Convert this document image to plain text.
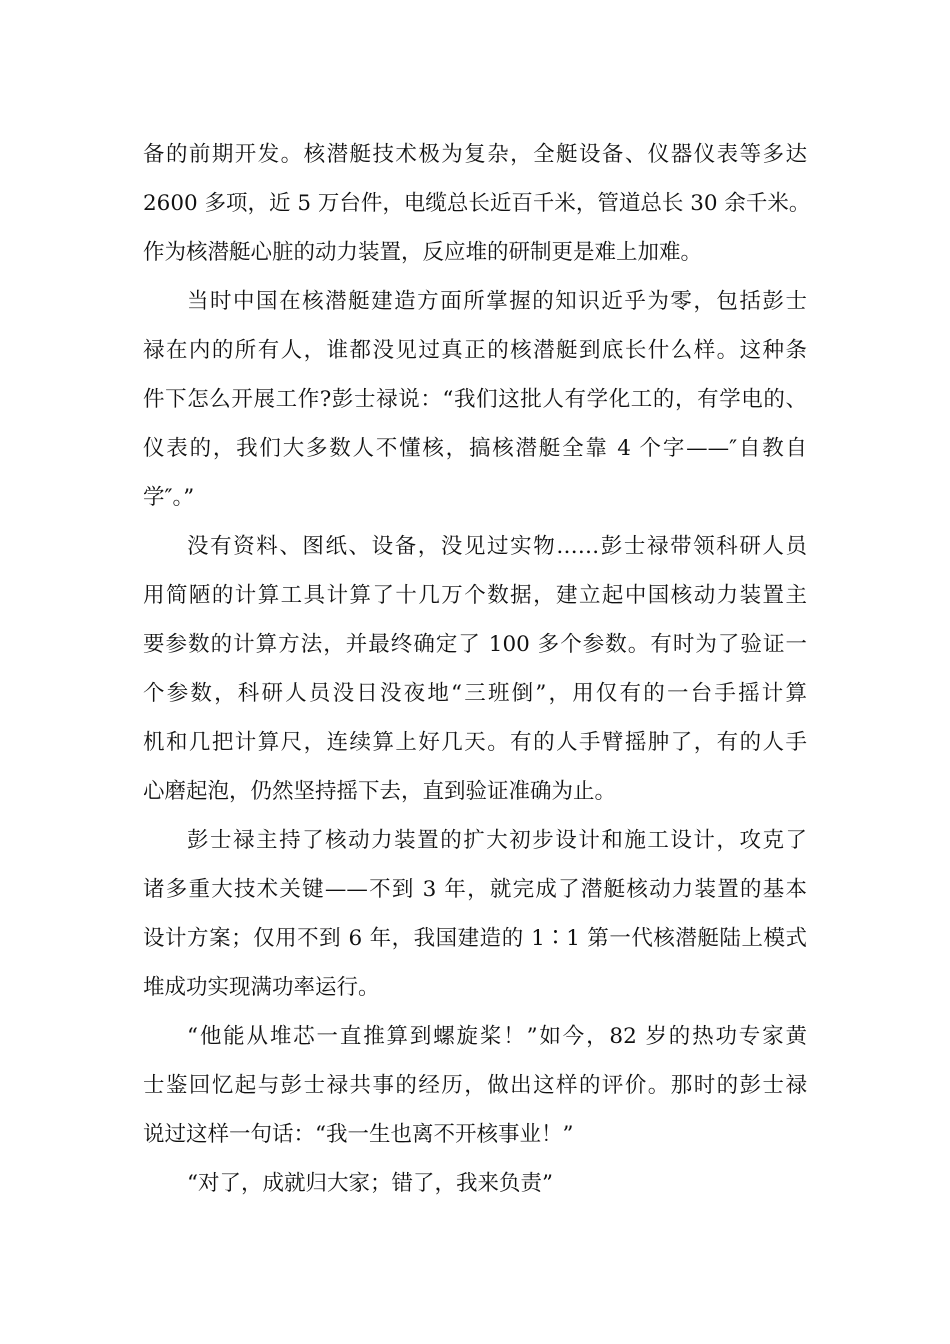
备的前期开发。核潜艇技术极为复杂，全艇设备、仪器仪表等多达
2600 多项，近 5 万台件，电缆总长近百千米，管道总长 30 余千米。
作为核潜艇心脏的动力装置，反应堆的研制更是难上加难。
当时中国在核潜艇建造方面所掌握的知识近乎为零，包括彭士
禄在内的所有人，谁都没见过真正的核潜艇到底长什么样。这种条
件下怎么开展工作?彭士禄说：“我们这批人有学化工的，有学电的、
仪表的，我们大多数人不懂核，搞核潜艇全靠 4 个字——″自教自
学″。”
没有资料、图纸、设备，没见过实物……彭士禄带领科研人员
用简陋的计算工具计算了十几万个数据，建立起中国核动力装置主
要参数的计算方法，并最终确定了 100 多个参数。有时为了验证一
个参数，科研人员没日没夜地“三班倒”，用仅有的一台手摇计算
机和几把计算尺，连续算上好几天。有的人手臂摇肿了，有的人手
心磨起泡，仍然坚持摇下去，直到验证准确为止。
彭士禄主持了核动力装置的扩大初步设计和施工设计，攻克了
诸多重大技术关键——不到 3 年，就完成了潜艇核动力装置的基本
设计方案；仅用不到 6 年，我国建造的 1∶1 第一代核潜艇陆上模式
堆成功实现满功率运行。
“他能从堆芯一直推算到螺旋桨！”如今，82 岁的热功专家黄
士鉴回忆起与彭士禄共事的经历，做出这样的评价。那时的彭士禄
说过这样一句话：“我一生也离不开核事业！”
“对了，成就归大家；错了，我来负责”
